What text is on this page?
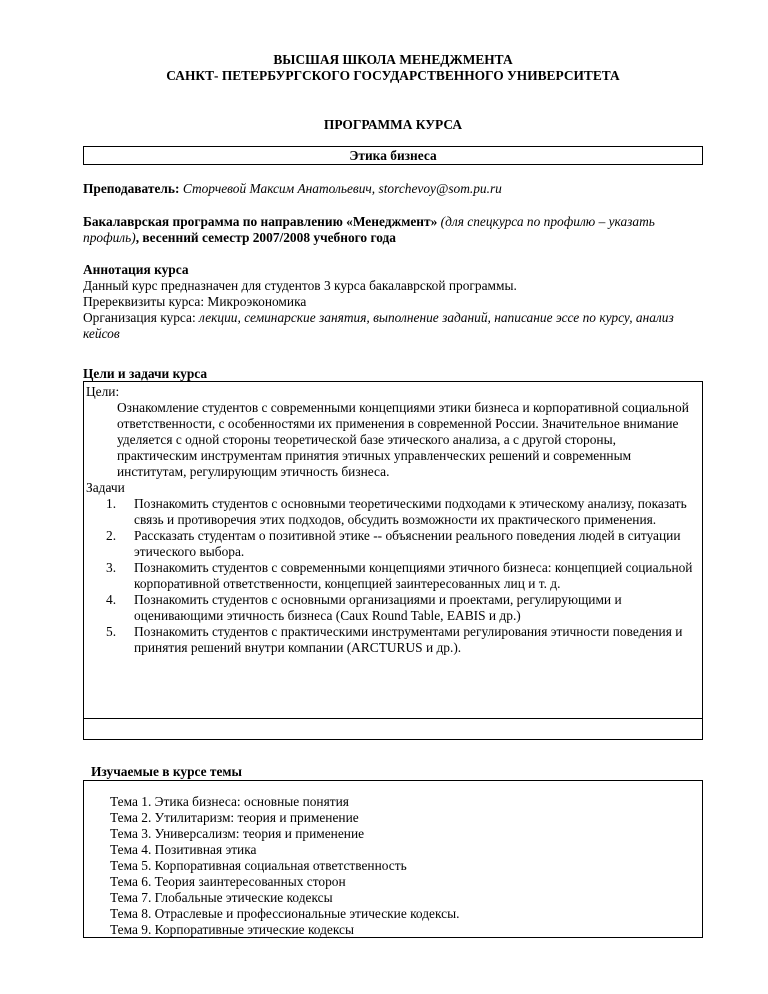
ВЫСШАЯ ШКОЛА МЕНЕДЖМЕНТА
САНКТ- ПЕТЕРБУРГСКОГО ГОСУДАРСТВЕННОГО УНИВЕРСИТЕТА
ПРОГРАММА КУРСА
Этика бизнеса
Преподаватель: Сторчевой Максим Анатольевич, storchevoy@som.pu.ru
Бакалаврская программа по направлению «Менеджмент» (для спецкурса по профилю – указать профиль), весенний семестр 2007/2008 учебного года
Аннотация курса
Данный курс предназначен для студентов 3 курса бакалаврской программы.
Пререквизиты курса: Микроэкономика
Организация курса: лекции, семинарские занятия, выполнение заданий, написание эссе по курсу, анализ кейсов
Цели и задачи курса
Цели:

Ознакомление студентов с современными концепциями этики бизнеса и корпоративной социальной ответственности, с особенностями их применения в современной России. Значительное внимание уделяется с одной стороны теоретической базе этического анализа, а с другой стороны, практическим инструментам принятия этичных управленческих решений и современным институтам, регулирующим этичность бизнеса.

Задачи
1. Познакомить студентов с основными теоретическими подходами к этическому анализу, показать связь и противоречия этих подходов, обсудить возможности их практического применения.
2. Рассказать студентам о позитивной этике -- объяснении реального поведения людей в ситуации этического выбора.
3. Познакомить студентов с современными концепциями этичного бизнеса: концепцией социальной корпоративной ответственности, концепцией заинтересованных лиц и т. д.
4. Познакомить студентов с основными организациями и проектами, регулирующими и оценивающими этичность бизнеса (Caux Round Table, EABIS и др.)
5. Познакомить студентов с практическими инструментами регулирования этичности поведения и принятия решений внутри компании (ARCTURUS и др.).
Изучаемые в курсе темы
Тема 1. Этика бизнеса: основные понятия
Тема 2. Утилитаризм: теория и применение
Тема 3. Универсализм: теория и применение
Тема 4. Позитивная этика
Тема 5. Корпоративная социальная ответственность
Тема 6. Теория заинтересованных сторон
Тема 7. Глобальные этические кодексы
Тема 8. Отраслевые и профессиональные этические кодексы.
Тема 9. Корпоративные этические кодексы
